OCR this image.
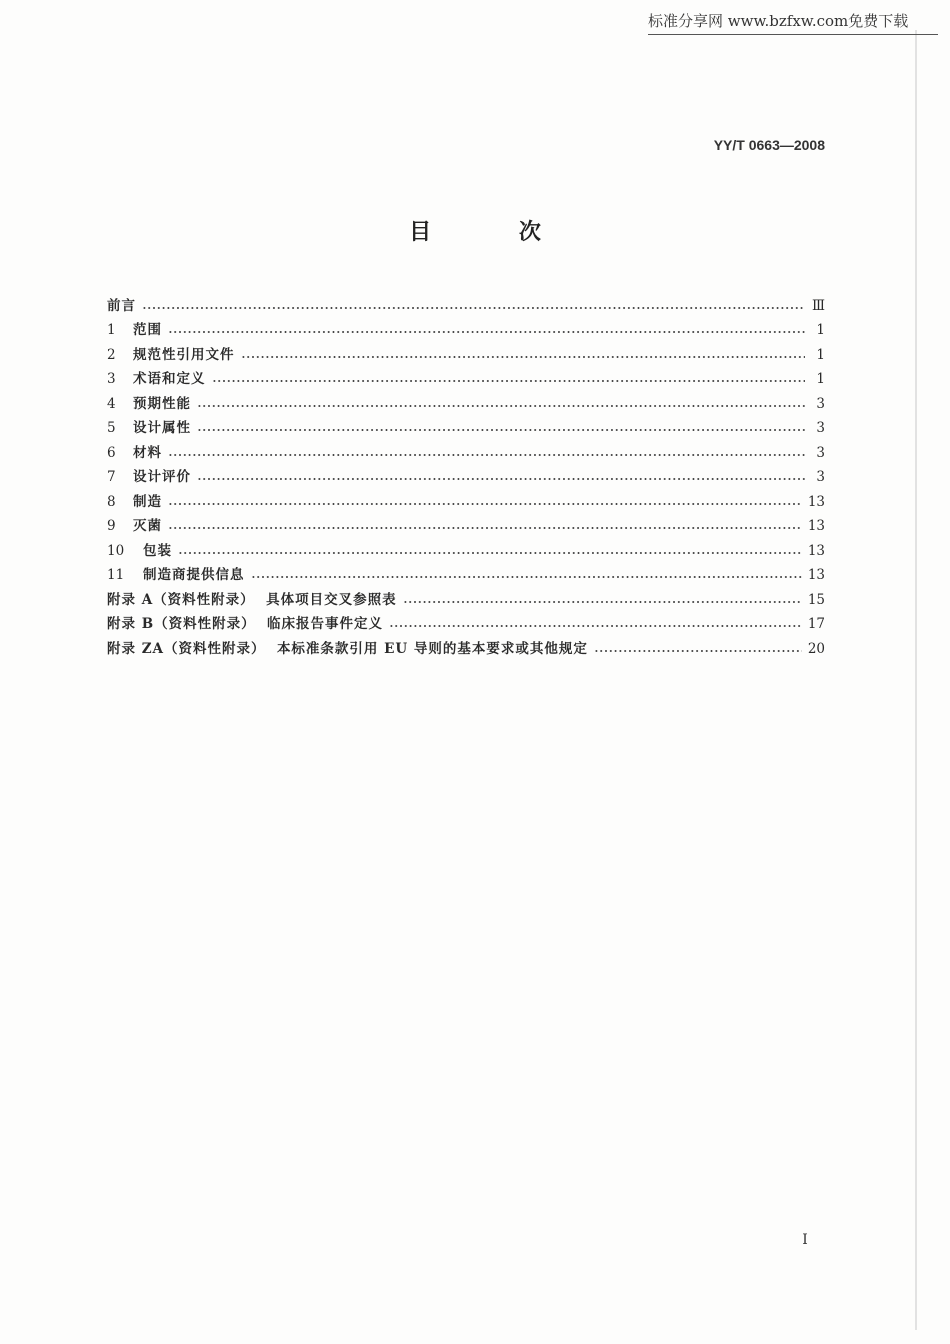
标准分享网 www.bzfxw.com免费下载
YY/T 0663—2008
目 次
前言	Ⅲ
1	范围	1
2	规范性引用文件	1
3	术语和定义	1
4	预期性能	3
5	设计属性	3
6	材料	3
7	设计评价	3
8	制造	13
9	灭菌	13
10	包装	13
11	制造商提供信息	13
附录 A（资料性附录） 具体项目交叉参照表	15
附录 B（资料性附录） 临床报告事件定义	17
附录 ZA（资料性附录） 本标准条款引用 EU 导则的基本要求或其他规定	20
I
